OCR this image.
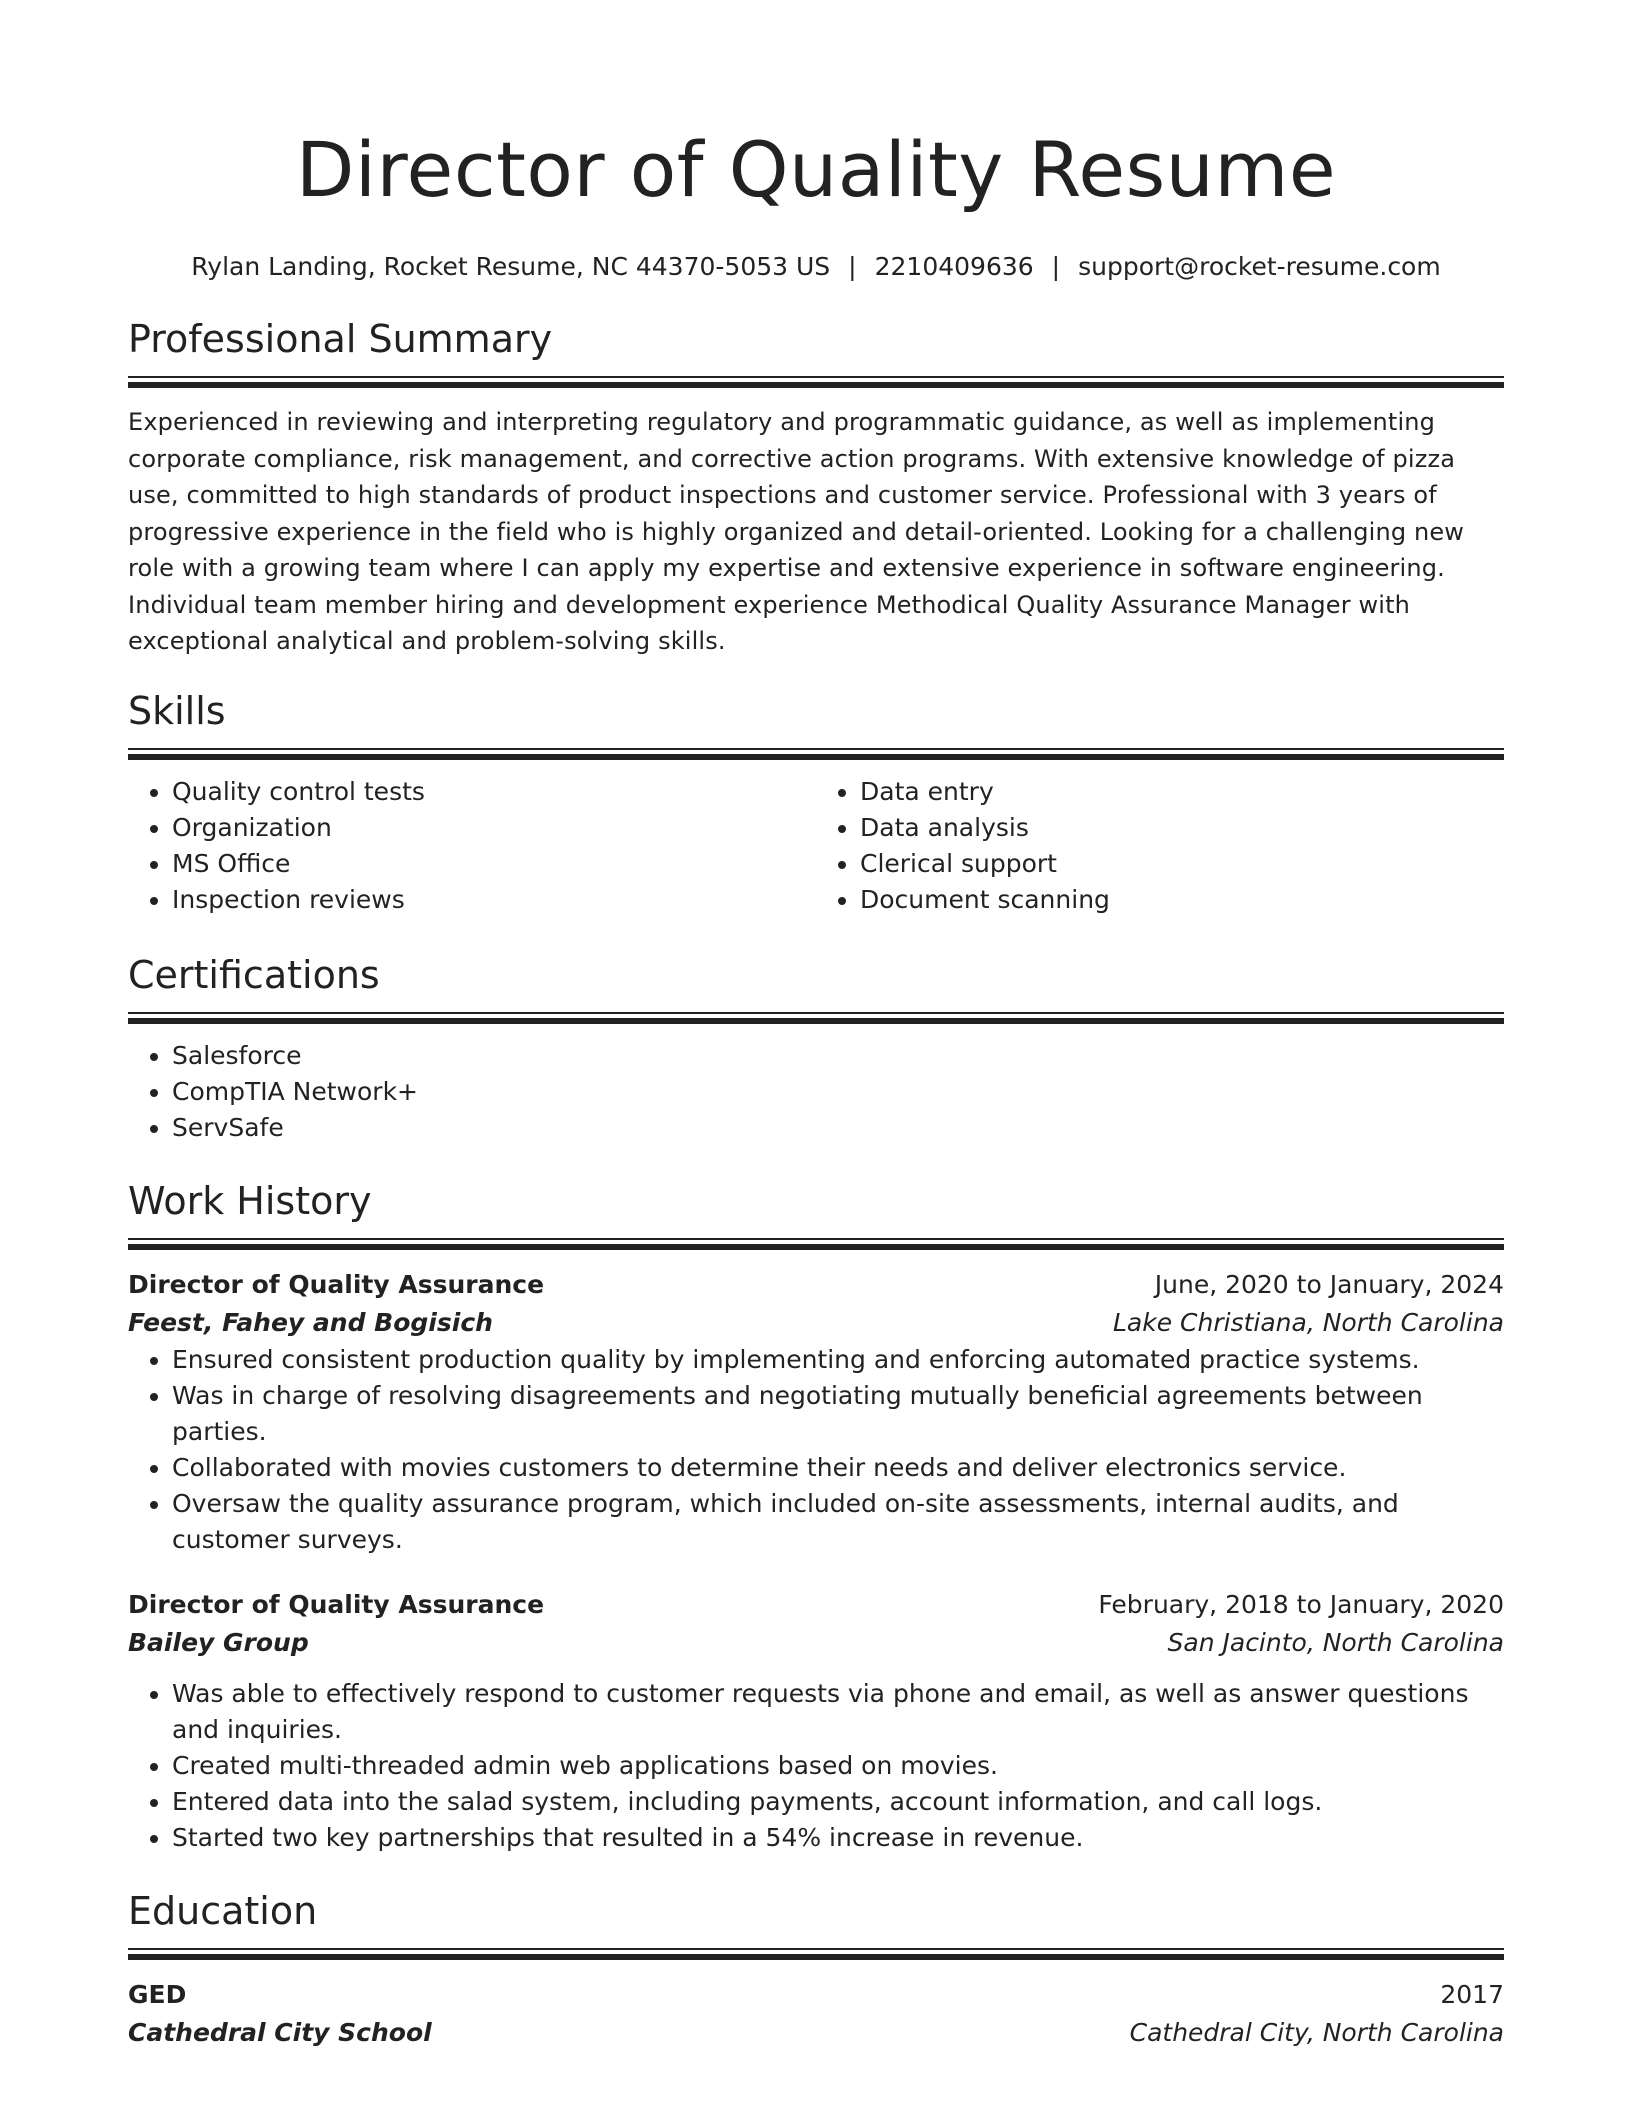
Director of Quality Resume
Rylan Landing, Rocket Resume, NC 44370-5053 US | 2210409636 | support@rocket-resume.com
Professional Summary

Experienced in reviewing and interpreting regulatory and programmatic guidance, as well as implementing corporate compliance, risk management, and corrective action programs. With extensive knowledge of pizza use, committed to high standards of product inspections and customer service. Professional with 3 years of progressive experience in the field who is highly organized and detail-oriented. Looking for a challenging new role with a growing team where I can apply my expertise and extensive experience in software engineering. Individual team member hiring and development experience Methodical Quality Assurance Manager with exceptional analytical and problem-solving skills.

Skills
• Quality control tests
• Organization
• MS Office
• Inspection reviews
• Data entry
• Data analysis
• Clerical support
• Document scanning
Certifications
• Salesforce
• CompTIA Network+
• ServSafe
Work History
Director of Quality Assurance	June, 2020 to January, 2024
Feest, Fahey and Bogisich	Lake Christiana, North Carolina
• Ensured consistent production quality by implementing and enforcing automated practice systems.
• Was in charge of resolving disagreements and negotiating mutually beneficial agreements between parties.
• Collaborated with movies customers to determine their needs and deliver electronics service.
• Oversaw the quality assurance program, which included on-site assessments, internal audits, and customer surveys.
Director of Quality Assurance	February, 2018 to January, 2020
Bailey Group	San Jacinto, North Carolina
• Was able to effectively respond to customer requests via phone and email, as well as answer questions and inquiries.
• Created multi-threaded admin web applications based on movies.
• Entered data into the salad system, including payments, account information, and call logs.
• Started two key partnerships that resulted in a 54% increase in revenue.
Education
GED	2017
Cathedral City School	Cathedral City, North Carolina
